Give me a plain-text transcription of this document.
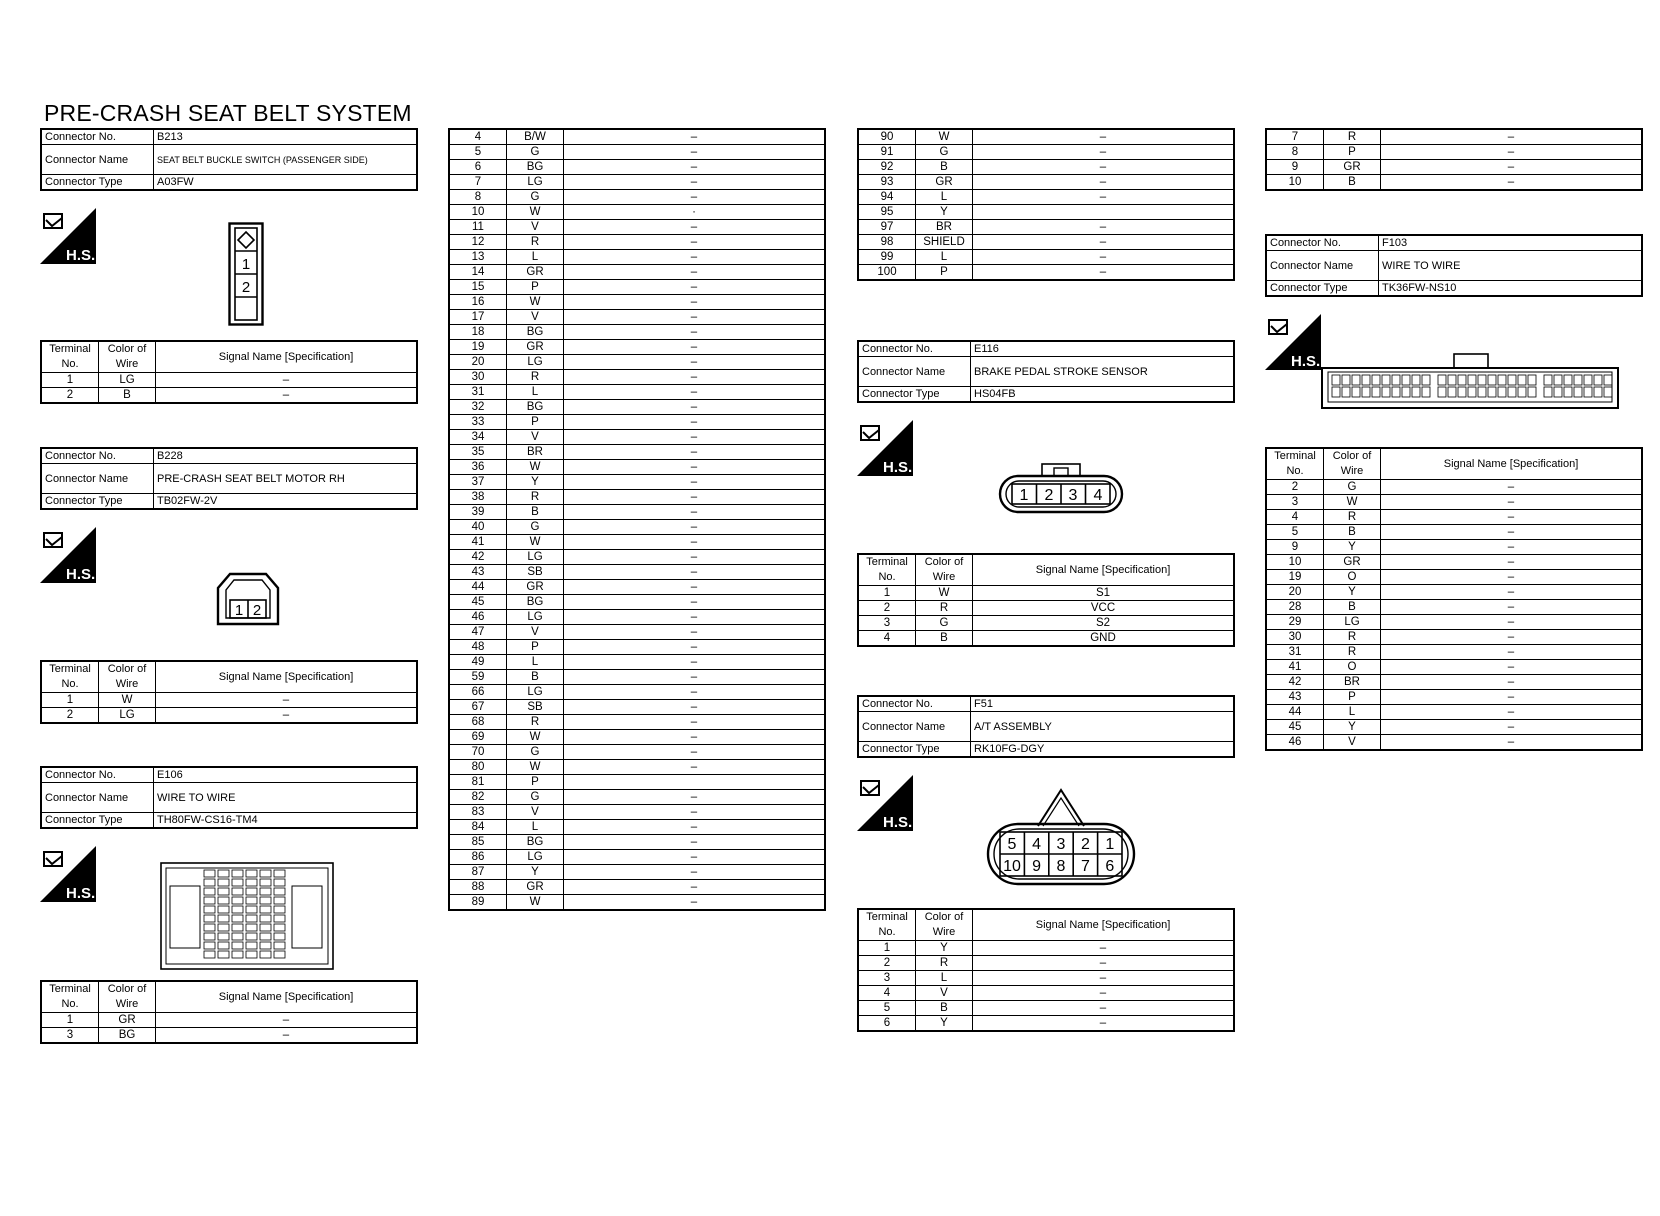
PRE-CRASH SEAT BELT SYSTEM
Connector No.	B213
Connector Name	SEAT BELT BUCKLE SWITCH (PASSENGER SIDE)
Connector Type	A03FW
H.S.
1
2
Terminal No.	Color of Wire	Signal Name [Specification]
1	LG	–
2	B	–
Connector No.	B228
Connector Name	PRE-CRASH SEAT BELT MOTOR RH
Connector Type	TB02FW-2V
H.S.
1 2
Terminal No.	Color of Wire	Signal Name [Specification]
1	W	–
2	LG	–
Connector No.	E106
Connector Name	WIRE TO WIRE
Connector Type	TH80FW-CS16-TM4
H.S.
Terminal No.	Color of Wire	Signal Name [Specification]
1	GR	–
3	BG	–
4	B/W	–
5	G	–
6	BG	–
7	LG	–
8	G	–
10	W	·
11	V	–
12	R	–
13	L	–
14	GR	–
15	P	–
16	W	–
17	V	–
18	BG	–
19	GR	–
20	LG	–
30	R	–
31	L	–
32	BG	–
33	P	–
34	V	–
35	BR	–
36	W	–
37	Y	–
38	R	–
39	B	–
40	G	–
41	W	–
42	LG	–
43	SB	–
44	GR	–
45	BG	–
46	LG	–
47	V	–
48	P	–
49	L	–
59	B	–
66	LG	–
67	SB	–
68	R	–
69	W	–
70	G	–
80	W	–
81	P	
82	G	–
83	V	–
84	L	–
85	BG	–
86	LG	–
87	Y	–
88	GR	–
89	W	–
90	W	–
91	G	–
92	B	–
93	GR	–
94	L	–
95	Y	
97	BR	–
98	SHIELD	–
99	L	–
100	P	–
Connector No.	E116
Connector Name	BRAKE PEDAL STROKE SENSOR
Connector Type	HS04FB
H.S.
1 2 3 4
Terminal No.	Color of Wire	Signal Name [Specification]
1	W	S1
2	R	VCC
3	G	S2
4	B	GND
Connector No.	F51
Connector Name	A/T ASSEMBLY
Connector Type	RK10FG-DGY
H.S.
5 4 3 2 1
10 9 8 7 6
Terminal No.	Color of Wire	Signal Name [Specification]
1	Y	–
2	R	–
3	L	–
4	V	–
5	B	–
6	Y	–
7	R	–
8	P	–
9	GR	–
10	B	–
Connector No.	F103
Connector Name	WIRE TO WIRE
Connector Type	TK36FW-NS10
H.S.
Terminal No.	Color of Wire	Signal Name [Specification]
2	G	–
3	W	–
4	R	–
5	B	–
9	Y	–
10	GR	–
19	O	–
20	Y	–
28	B	–
29	LG	–
30	R	–
31	R	–
41	O	–
42	BR	–
43	P	–
44	L	–
45	Y	–
46	V	–
